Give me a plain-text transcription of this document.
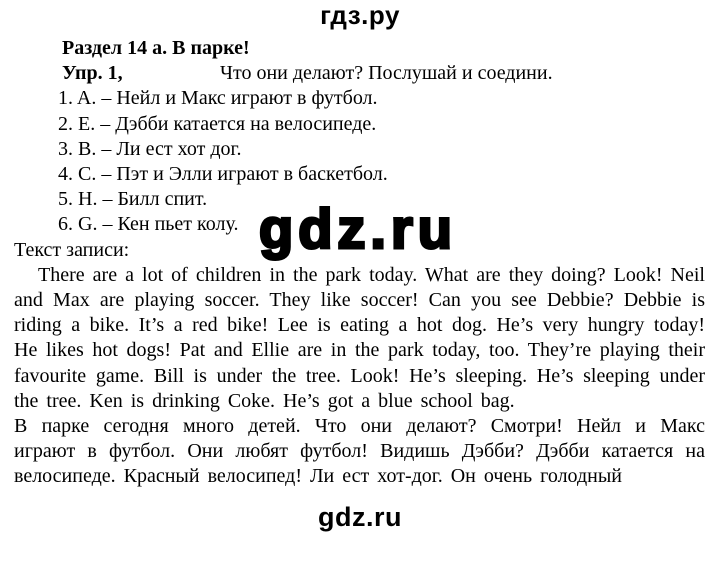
гдз.ру
Раздел 14 а. В парке!
Упр. 1,	Что они делают? Послушай и соедини.
1. A. – Нейл и Макс играют в футбол.
2. E. – Дэбби катается на велосипеде.
3. B. – Ли ест хот дог.
4. C. – Пэт и Элли играют в баскетбол.
5. H. – Билл спит.
6. G. – Кен пьет колу.
Текст записи:

There are a lot of children in the park today. What are they doing? Look! Neil and Max are playing soccer. They like soccer! Can you see Debbie? Debbie is riding a bike. It’s a red bike! Lee is eating a hot dog. He’s very hungry today! He likes hot dogs! Pat and Ellie are in the park today, too. They’re playing their favourite game. Bill is under the tree. Look! He’s sleeping. He’s sleeping under the tree. Ken is drinking Coke. He’s got a blue school bag.

В парке сегодня много детей. Что они делают? Смотри! Нейл и Макс играют в футбол. Они любят футбол! Видишь Дэбби? Дэбби катается на велосипеде. Красный велосипед! Ли ест хот-дог. Он очень голодный

gdz.ru
gdz.ru
